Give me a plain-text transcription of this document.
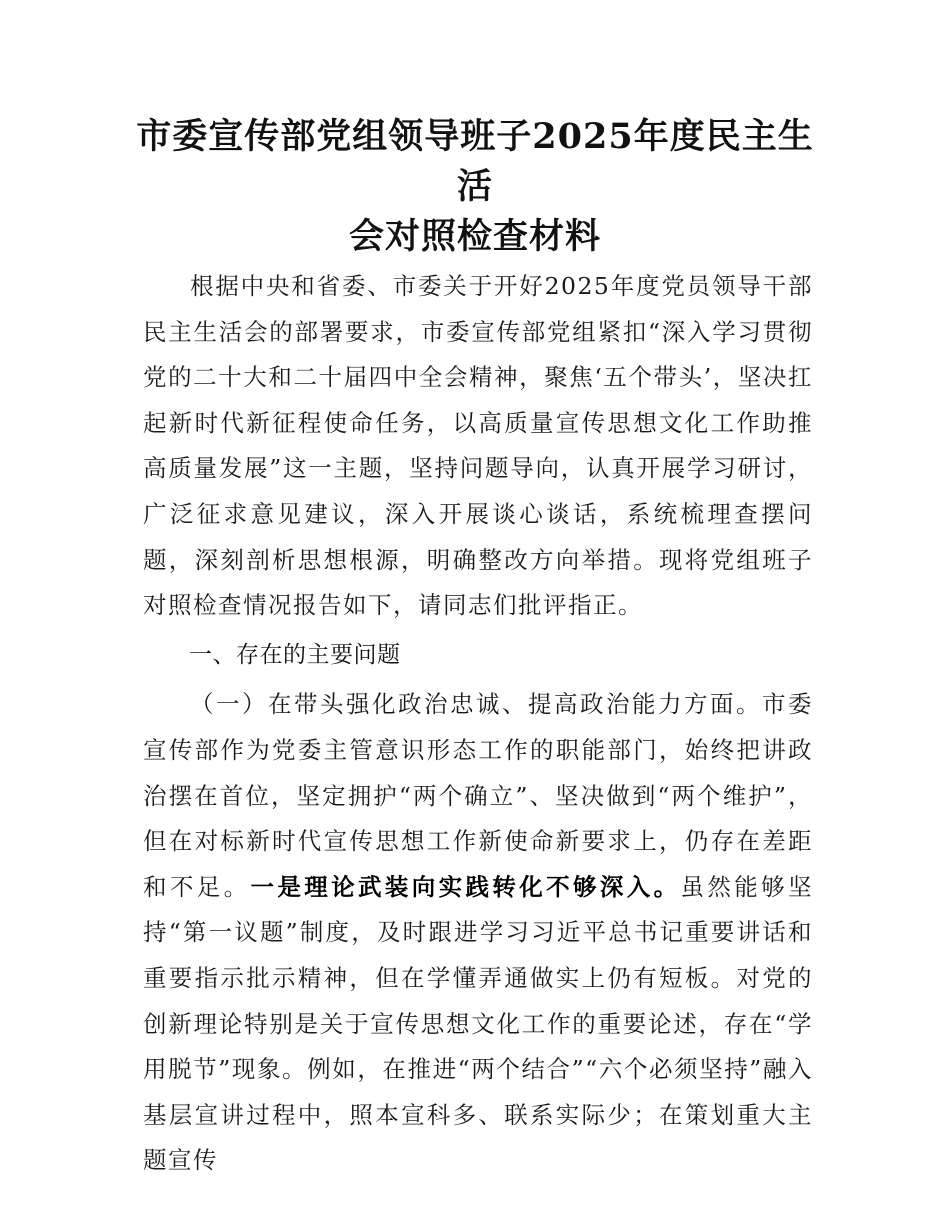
市委宣传部党组领导班子2025年度民主生活
会对照检查材料

根据中央和省委、市委关于开好2025年度党员领导干部民主生活会的部署要求，市委宣传部党组紧扣“深入学习贯彻党的二十大和二十届四中全会精神，聚焦‘五个带头’，坚决扛起新时代新征程使命任务，以高质量宣传思想文化工作助推高质量发展”这一主题，坚持问题导向，认真开展学习研讨，广泛征求意见建议，深入开展谈心谈话，系统梳理查摆问题，深刻剖析思想根源，明确整改方向举措。现将党组班子对照检查情况报告如下，请同志们批评指正。

一、存在的主要问题

（一）在带头强化政治忠诚、提高政治能力方面。市委宣传部作为党委主管意识形态工作的职能部门，始终把讲政治摆在首位，坚定拥护“两个确立”、坚决做到“两个维护”，但在对标新时代宣传思想工作新使命新要求上，仍存在差距和不足。一是理论武装向实践转化不够深入。虽然能够坚持“第一议题”制度，及时跟进学习习近平总书记重要讲话和重要指示批示精神，但在学懂弄通做实上仍有短板。对党的创新理论特别是关于宣传思想文化工作的重要论述，存在“学用脱节”现象。例如，在推进“两个结合”“六个必须坚持”融入基层宣讲过程中，照本宣科多、联系实际少；在策划重大主题宣传
